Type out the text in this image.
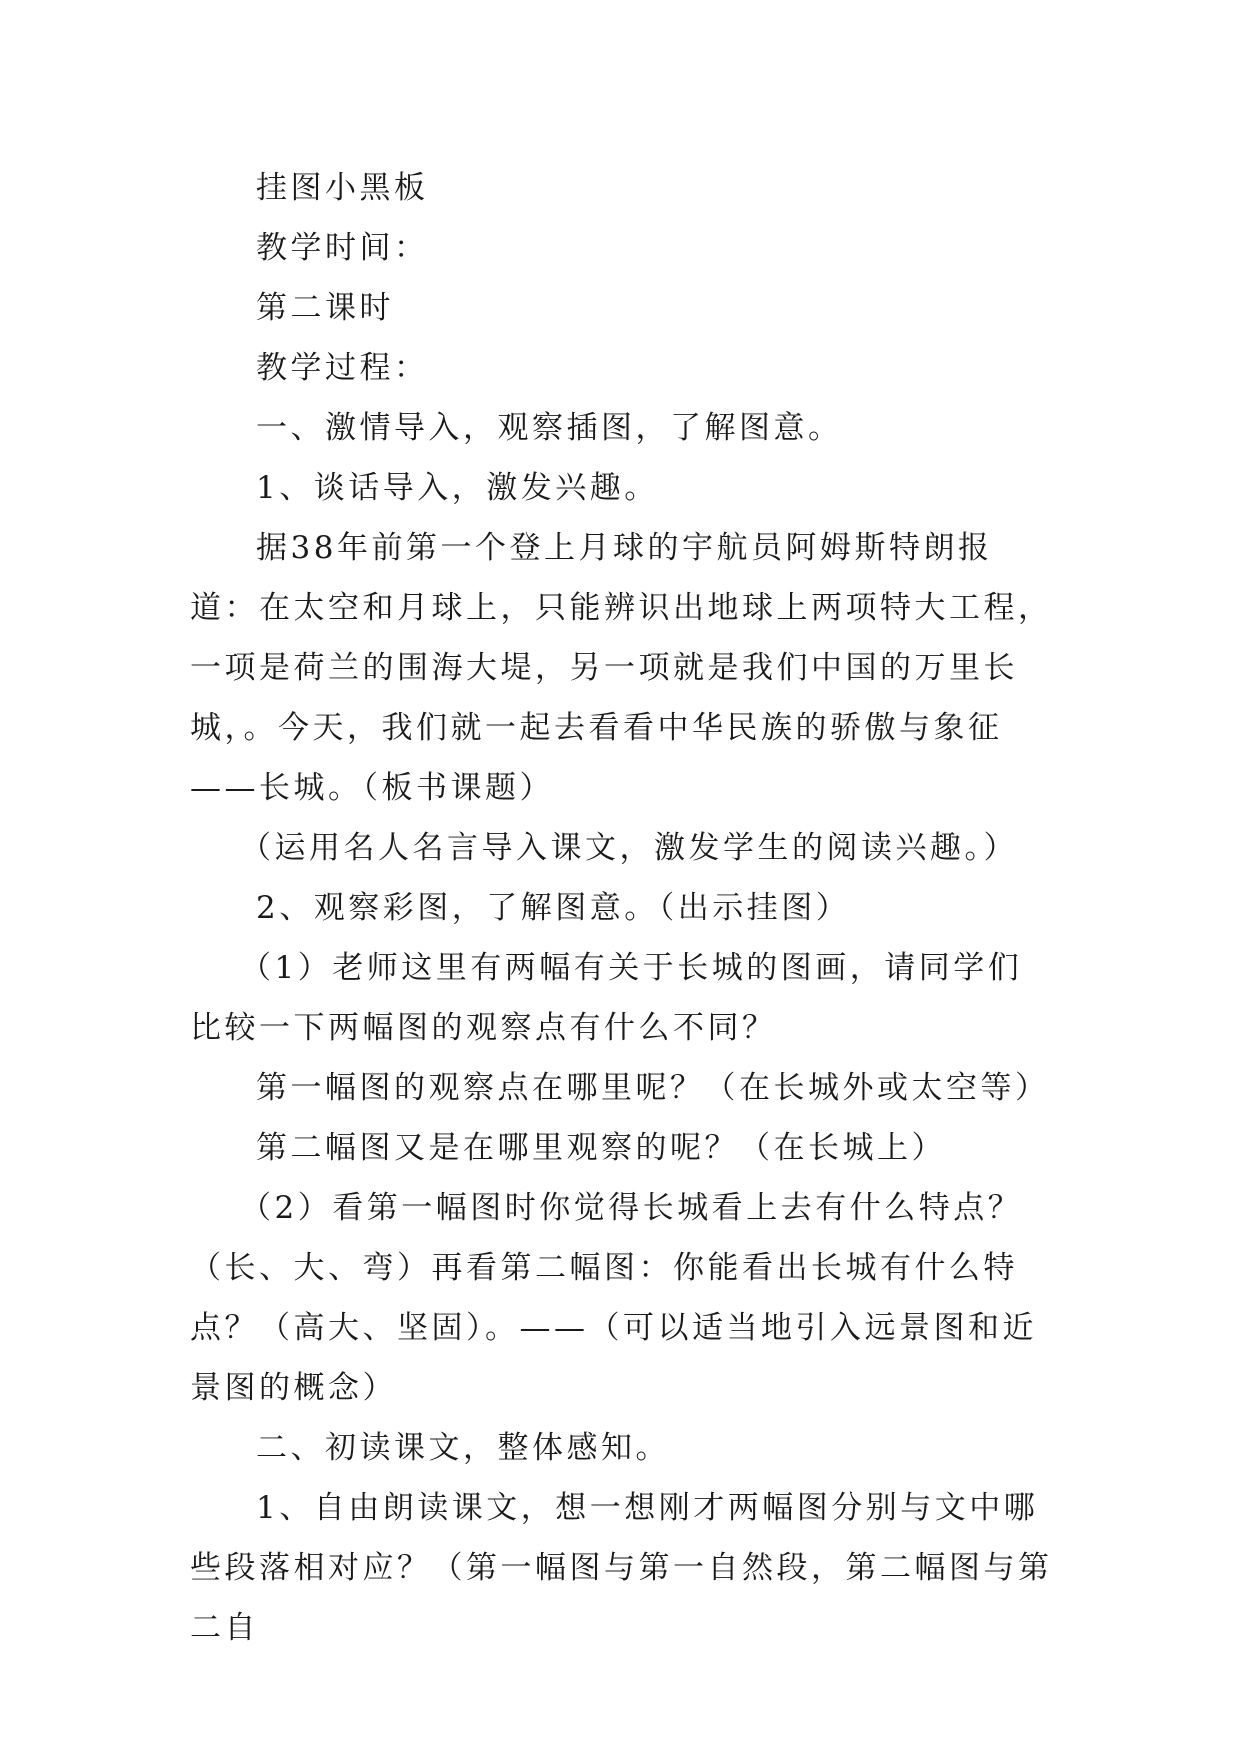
挂图小黑板

教学时间：

第二课时

教学过程：

一、激情导入，观察插图，了解图意。

1、谈话导入，激发兴趣。

据38年前第一个登上月球的宇航员阿姆斯特朗报道：在太空和月球上，只能辨识出地球上两项特大工程，一项是荷兰的围海大堤，另一项就是我们中国的万里长城，。今天，我们就一起去看看中华民族的骄傲与象征——长城。（板书课题）

（运用名人名言导入课文，激发学生的阅读兴趣。）

2、观察彩图，了解图意。（出示挂图）

（1）老师这里有两幅有关于长城的图画，请同学们比较一下两幅图的观察点有什么不同？

第一幅图的观察点在哪里呢？（在长城外或太空等）

第二幅图又是在哪里观察的呢？（在长城上）

（2）看第一幅图时你觉得长城看上去有什么特点？（长、大、弯）再看第二幅图：你能看出长城有什么特点？（高大、坚固）。——（可以适当地引入远景图和近景图的概念）

二、初读课文，整体感知。

1、自由朗读课文，想一想刚才两幅图分别与文中哪些段落相对应？（第一幅图与第一自然段，第二幅图与第二自
